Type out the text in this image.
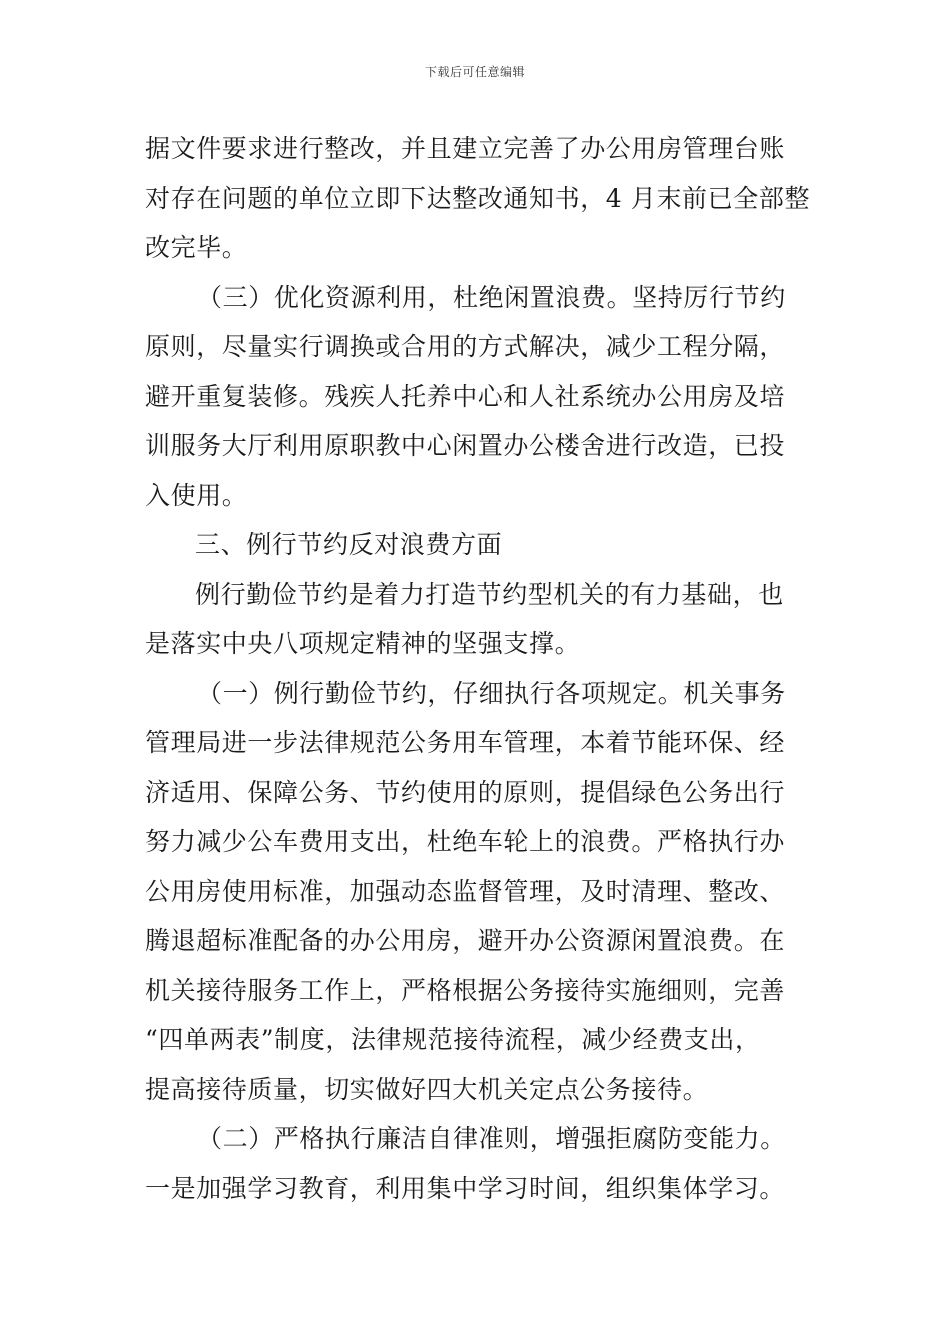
下载后可任意编辑
据文件要求进行整改，并且建立完善了办公用房管理台账
对存在问题的单位立即下达整改通知书，4 月末前已全部整
改完毕。
（三）优化资源利用，杜绝闲置浪费。坚持厉行节约
原则，尽量实行调换或合用的方式解决，减少工程分隔，
避开重复装修。残疾人托养中心和人社系统办公用房及培
训服务大厅利用原职教中心闲置办公楼舍进行改造，已投
入使用。
三、例行节约反对浪费方面
例行勤俭节约是着力打造节约型机关的有力基础，也
是落实中央八项规定精神的坚强支撑。
（一）例行勤俭节约，仔细执行各项规定。机关事务
管理局进一步法律规范公务用车管理，本着节能环保、经
济适用、保障公务、节约使用的原则，提倡绿色公务出行
努力减少公车费用支出，杜绝车轮上的浪费。严格执行办
公用房使用标准，加强动态监督管理，及时清理、整改、
腾退超标准配备的办公用房，避开办公资源闲置浪费。在
机关接待服务工作上，严格根据公务接待实施细则，完善
“四单两表”制度，法律规范接待流程，减少经费支出，
提高接待质量，切实做好四大机关定点公务接待。
（二）严格执行廉洁自律准则，增强拒腐防变能力。
一是加强学习教育，利用集中学习时间，组织集体学习。
